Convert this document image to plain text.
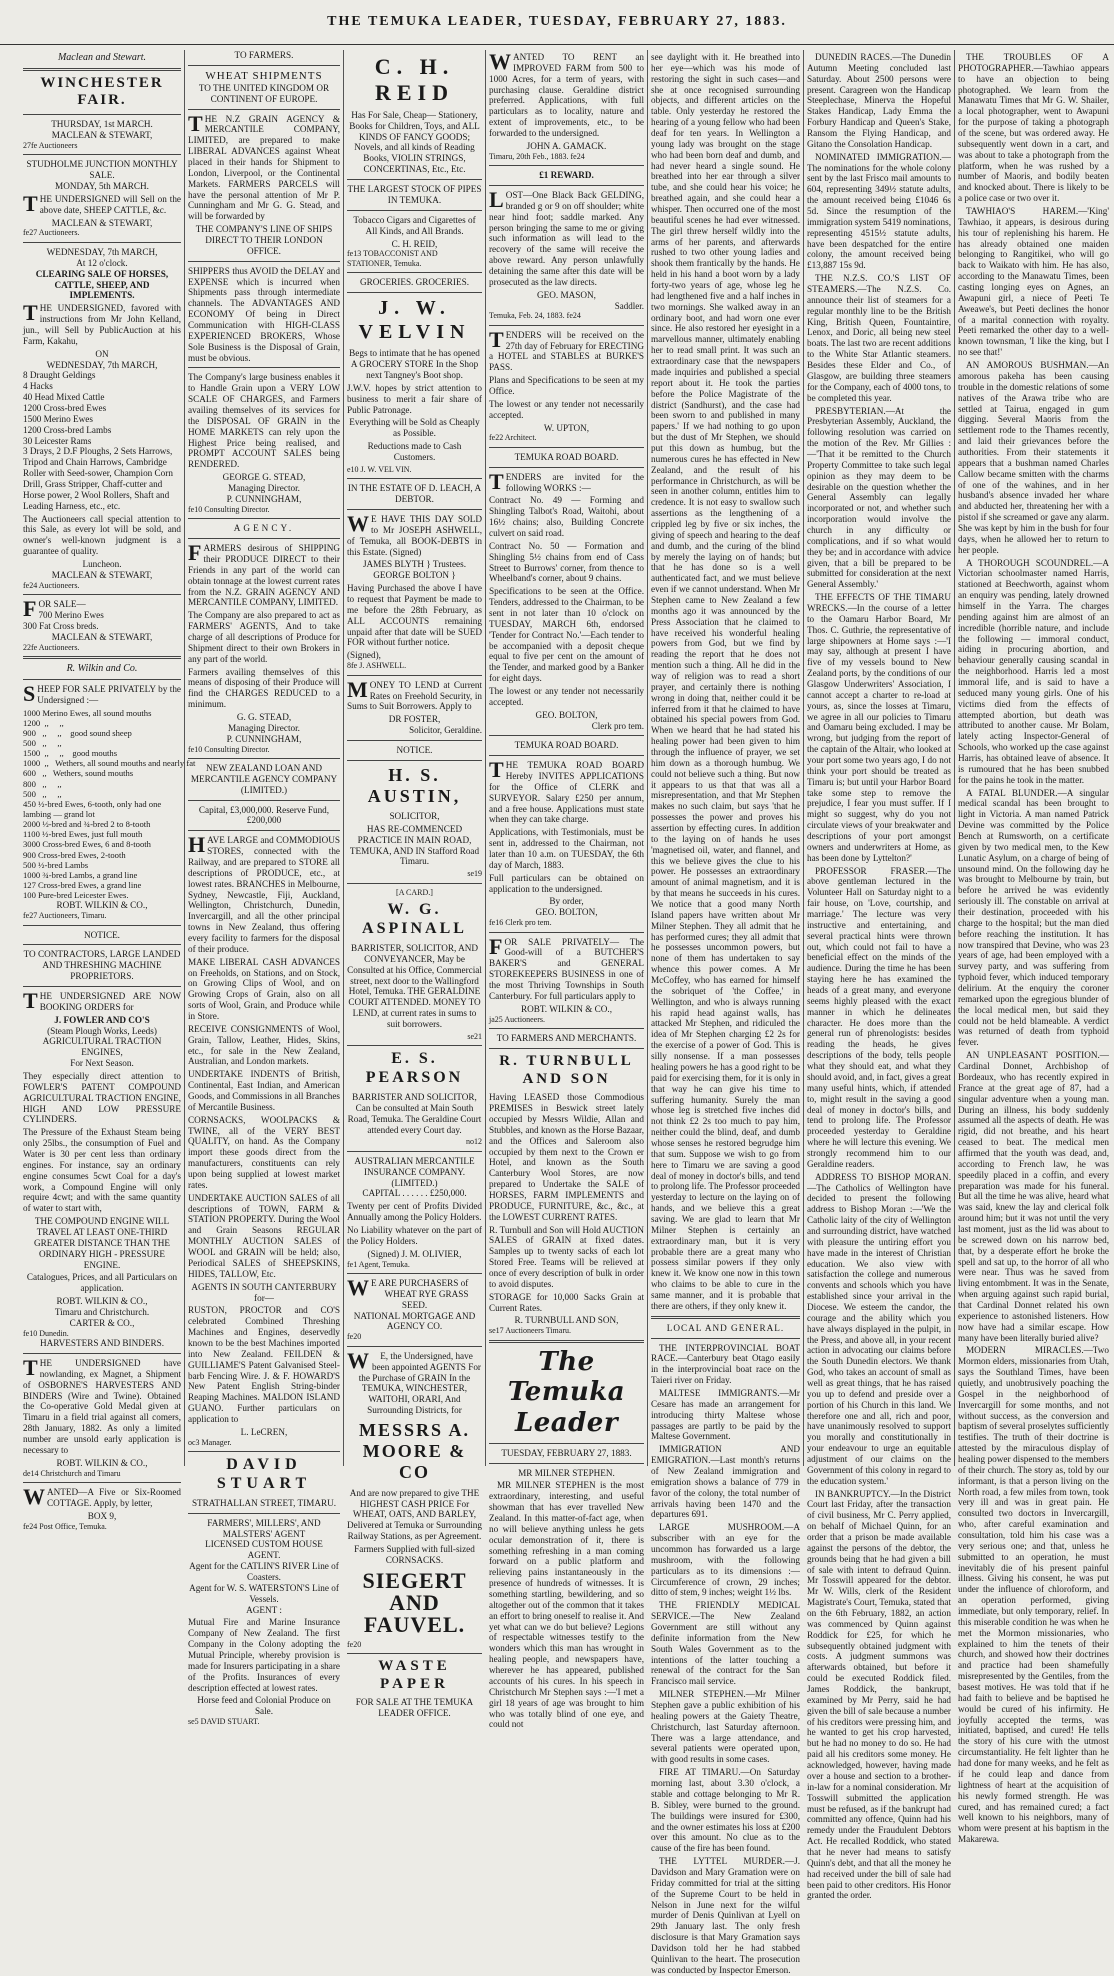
THE TEMUKA LEADER, TUESDAY, FEBRUARY 27, 1883.
Maclean and Stewart.
WINCHESTER FAIR.
THURSDAY, 1st MARCH.
MACLEAN & STEWART,
27fe Auctioneers
STUDHOLME JUNCTION MONTHLY SALE.
MONDAY, 5th MARCH.

THE UNDERSIGNED will Sell on the above date, SHEEP CATTLE, &c.

MACLEAN & STEWART,
fe27 Auctioneers.
WEDNESDAY, 7th MARCH,
At 12 o'clock.
CLEARING SALE OF HORSES, CATTLE, SHEEP, AND IMPLEMENTS.

THE UNDERSIGNED, favored with instructions from Mr John Kelland, jun., will Sell by PublicAuction at his Farm, Kakahu,

ON
WEDNESDAY, 7th MARCH,
8 Draught Geldings
4 Hacks
40 Head Mixed Cattle
1200 Cross-bred Ewes
1500 Merino Ewes
1200 Cross-bred Lambs
30 Leicester Rams
3 Drays, 2 D.F Ploughs, 2 Sets Harrows, Tripod and Chain Harrows, Cambridge Roller with Seed-sower, Champion Corn Drill, Grass Stripper, Chaff-cutter and Horse power, 2 Wool Rollers, Shaft and Leading Harness, etc., etc.

The Auctioneers call special attention to this Sale, as every lot will be sold, and owner's well-known judgment is a guarantee of quality.

Luncheon.
MACLEAN & STEWART,
fe24 Auctioneers.
FOR SALE—
700 Merino Ewes
300 Fat Cross breds.
MACLEAN & STEWART,
22fe Auctioneers.
R. Wilkin and Co.

SHEEP FOR SALE PRIVATELY by the Undersigned :—

1000 Merino Ewes, all sound mouths
1200  ,,     ,,
900   ,,     ,,    good sound sheep
500   ,,     ,,
1500  ,,     ,,    good mouths
1000  ,,   Wethers, all sound mouths and nearly fat
600   ,,   Wethers, sound mouths
800   ,,     ,,
500   ,,     ,,
450 ½-bred Ewes, 6-tooth, only had one lambing — grand lot
2000 ½-bred and ¾-bred 2 to 8-tooth
1100 ½-bred Ewes, just full mouth
3000 Cross-bred Ewes, 6 and 8-tooth
900 Cross-bred Ewes, 2-tooth
500 ½-bred Lambs
1000 ¾-bred Lambs, a grand line
127 Cross-bred Ewes, a grand line
100 Pure-bred Leicester Ewes.
ROBT. WILKIN & CO.,
fe27 Auctioneers, Timaru.
NOTICE.
TO CONTRACTORS, LARGE LANDED AND THRESHING MACHINE PROPRIETORS.

THE UNDERSIGNED ARE NOW BOOKING ORDERS for

J. FOWLER AND CO'S
(Steam Plough Works, Leeds)
AGRICULTURAL TRACTION ENGINES,
For Next Season.

They especially direct attention to FOWLER'S PATENT COMPOUND AGRICULTURAL TRACTION ENGINE, HIGH AND LOW PRESSURE CYLINDERS.

The Pressure of the Exhaust Steam being only 25lbs., the consumption of Fuel and Water is 30 per cent less than ordinary engines. For instance, say an ordinary engine consumes 5cwt Coal for a day's work, a Compound Engine will only require 4cwt; and with the same quantity of water to start with,

THE COMPOUND ENGINE WILL TRAVEL AT LEAST ONE-THIRD GREATER DISTANCE THAN THE ORDINARY HIGH - PRESSURE ENGINE.

Catalogues, Prices, and all Particulars on application.

ROBT. WILKIN & CO.,
Timaru and Christchurch.
CARTER & CO.,
fe10 Dunedin.
HARVESTERS AND BINDERS.

THE UNDERSIGNED have nowlanding, ex Magnet, a Shipment of OSBORNE'S HARVESTERS AND BINDERS (Wire and Twine). Obtained the Co-operative Gold Medal given at Timaru in a field trial against all comers, 28th January, 1882. As only a limited number are unsold early application is necessary to

ROBT. WILKIN & CO.,
de14 Christchurch and Timaru

WANTED—A Five or Six-Roomed COTTAGE. Apply, by letter,

BOX 9,
fe24 Post Office, Temuka.
TO FARMERS.
WHEAT SHIPMENTS
TO THE UNITED KINGDOM OR CONTINENT OF EUROPE.

THE N.Z GRAIN AGENCY & MERCANTILE COMPANY, LIMITED, are prepared to make LIBERAL ADVANCES against Wheat placed in their hands for Shipment to London, Liverpool, or the Continental Markets. FARMERS PARCELS will have the personal attention of Mr P. Cunningham and Mr G. G. Stead, and will be forwarded by

THE COMPANY'S LINE OF SHIPS DIRECT TO THEIR LONDON OFFICE.

SHIPPERS thus AVOID the DELAY and EXPENSE which is incurred when Shipments pass through intermediate channels. The ADVANTAGES AND ECONOMY Of being in Direct Communication with HIGH-CLASS EXPERIENCED BROKERS, Whose Sole Business is the Disposal of Grain, must be obvious.

The Company's large business enables it to Handle Grain upon a VERY LOW SCALE OF CHARGES, and Farmers availing themselves of its services for the DISPOSAL OF GRAIN in the HOME MARKETS can rely upon the Highest Price being realised, and PROMPT ACCOUNT SALES being RENDERED.

GEORGE G. STEAD,
Managing Director.
P. CUNNINGHAM,
fe10 Consulting Director.
AGENCY.

FARMERS desirous of SHIPPING their PRODUCE DIRECT to their Friends in any part of the world can obtain tonnage at the lowest current rates from the N.Z. GRAIN AGENCY AND MERCANTILE COMPANY, LIMITED.

The Company are also prepared to act as FARMERS' AGENTS, And to take charge of all descriptions of Produce for Shipment direct to their own Brokers in any part of the world.

Farmers availing themselves of this means of disposing of their Produce will find the CHARGES REDUCED to a minimum.

G. G. STEAD,
Managing Director.
P. CUNNINGHAM,
fe10 Consulting Director.
NEW ZEALAND LOAN AND MERCANTILE AGENCY COMPANY (LIMITED.)
Capital, £3,000,000. Reserve Fund, £200,000

HAVE LARGE and COMMODIOUS STORES, connected with the Railway, and are prepared to STORE all descriptions of PRODUCE, etc., at lowest rates. BRANCHES in Melbourne, Sydney, Newcastle, Fiji, Auckland, Wellington, Christchurch, Dunedin, Invercargill, and all the other principal towns in New Zealand, thus offering every facility to farmers for the disposal of their produce.

MAKE LIBERAL CASH ADVANCES on Freeholds, on Stations, and on Stock, on Growing Clips of Wool, and on Growing Crops of Grain, also on all sorts of Wool, Grain, and Produce while in Store.

RECEIVE CONSIGNMENTS of Wool, Grain, Tallow, Leather, Hides, Skins, etc., for sale in the New Zealand, Australian, and London markets.

UNDERTAKE INDENTS of British, Continental, East Indian, and American Goods, and Commissions in all Branches of Mercantile Business.

CORNSACKS, WOOLPACKS & TWINE, all of the VERY BEST QUALITY, on hand. As the Company import these goods direct from the manufacturers, constituents can rely upon being supplied at lowest market rates.

UNDERTAKE AUCTION SALES of all descriptions of TOWN, FARM & STATION PROPERTY. During the Wool and Grain Seasons REGULAR MONTHLY AUCTION SALES of WOOL and GRAIN will be held; also, Periodical SALES of SHEEPSKINS, HIDES, TALLOW, Etc.

AGENTS IN SOUTH CANTERBURY for—

RUSTON, PROCTOR and CO'S celebrated Combined Threshing Machines and Engines, deservedly known to be the best Machines imported into New Zealand. FEILDEN & GUILLIAME'S Patent Galvanised Steel-barb Fencing Wire. J. & F. HOWARD'S New Patent English String-binder Reaping Machines. MALDON ISLAND GUANO. Further particulars on application to

L. LeCREN,
oc3 Manager.
DAVID STUART
STRATHALLAN STREET, TIMARU.
FARMERS', MILLERS', AND MALSTERS' AGENT
LICENSED CUSTOM HOUSE AGENT.
Agent for the CATLIN'S RIVER Line of Coasters.
Agent for W. S. WATERSTON'S Line of Vessels.
AGENT :

Mutual Fire and Marine Insurance Company of New Zealand. The first Company in the Colony adopting the Mutual Principle, whereby provision is made for Insurers participating in a share of the Profits. Insurances of every description effected at lowest rates.

Horse feed and Colonial Produce on Sale.
se5 DAVID STUART.
C. H. REID

Has For Sale, Cheap— Stationery, Books for Children, Toys, and ALL KINDS OF FANCY GOODS; Novels, and all kinds of Reading Books, VIOLIN STRINGS, CONCERTINAS, Etc., Etc.

THE LARGEST STOCK OF PIPES IN TEMUKA.

Tobacco Cigars and Cigarettes of All Kinds, and All Brands.

C. H. REID,
fe13 TOBACCONIST AND STATIONER, Temuka.
GROCERIES. GROCERIES.
J. W. VELVIN

Begs to intimate that he has opened A GROCERY STORE In the Shop next Tangney's Boot shop.

J.W.V. hopes by strict attention to business to merit a fair share of Public Patronage.

Everything will be Sold as Cheaply as Possible.

Reductions made to Cash Customers.

e10 J. W. VEL VIN.
IN THE ESTATE OF D. LEACH, A DEBTOR.

WE HAVE THIS DAY SOLD to Mr JOSEPH ASHWELL, of Temuka, all BOOK-DEBTS in this Estate. (Signed)

JAMES BLYTH } Trustees. GEORGE BOLTON }

Having Purchased the above I have to request that Payment be made to me before the 28th February, as ALL ACCOUNTS remaining unpaid after that date will be SUED FOR without further notice.

(Signed),
8fe J. ASHWELL.

MONEY TO LEND at Current Rates on Freehold Security, in Sums to Suit Borrowers. Apply to

DR FOSTER,
Solicitor, Geraldine.
NOTICE.
H. S. AUSTIN,
SOLICITOR,

HAS RE-COMMENCED PRACTICE IN MAIN ROAD, TEMUKA, AND IN Stafford Road Timaru.

se19
[A CARD.]
W. G. ASPINALL

BARRISTER, SOLICITOR, AND CONVEYANCER, May be Consulted at his Office, Commercial street, next door to the Wallingford Hotel, Temuka. THE GERALDINE COURT ATTENDED. MONEY TO LEND, at current rates in sums to suit borrowers.

se21
E. S. PEARSON

BARRISTER AND SOLICITOR, Can be consulted at Main South Road, Temuka. The Geraldine Court attended every Court day.

no12
AUSTRALIAN MERCANTILE INSURANCE COMPANY. (LIMITED.)
CAPITAL . . . . . . £250,000.

Twenty per cent of Profits Divided Annually among the Policy Holders.

No Liability whatever on the part of the Policy Holders.

(Signed) J. M. OLIVIER,
fe1 Agent, Temuka.
WE ARE PURCHASERS of
WHEAT RYE GRASS SEED.
NATIONAL MORTGAGE AND AGENCY CO.
fe20

WE, the Undersigned, have been appointed AGENTS For the Purchase of GRAIN In the TEMUKA, WINCHESTER, WAITOHI, ORARI, And Surrounding Districts, for

MESSRS A. MOORE & CO

And are now prepared to give THE HIGHEST CASH PRICE For WHEAT, OATS, AND BARLEY, Delivered at Temuka or Surrounding Railway Stations, as per Agreement.

Farmers Supplied with full-sized CORNSACKS.

SIEGERT AND FAUVEL.
fe20
WASTE PAPER
FOR SALE AT THE TEMUKA LEADER OFFICE.

WANTED TO RENT an IMPROVED FARM from 500 to 1000 Acres, for a term of years, with purchasing clause. Geraldine district preferred. Applications, with full particulars as to locality, nature and extent of improvements, etc., to be forwarded to the undersigned.

JOHN A. GAMACK.
Timaru, 20th Feb., 1883. fe24
£1 REWARD.

LOST—One Black Back GELDING, branded g or 9 on off shoulder; white near hind foot; saddle marked. Any person bringing the same to me or giving such information as will lead to the recovery of the same will receive the above reward. Any person unlawfully detaining the same after this date will be prosecuted as the law directs.

GEO. MASON,
Saddler.
Temuka, Feb. 24, 1883. fe24

TENDERS will be received on the 27th day of February for ERECTING a HOTEL and STABLES at BURKE'S PASS.

Plans and Specifications to be seen at my Office.

The lowest or any tender not necessarily accepted.

W. UPTON,
fe22 Architect.
TEMUKA ROAD BOARD.

TENDERS are invited for the following WORKS :—

Contract No. 49 — Forming and Shingling Talbot's Road, Waitohi, about 16½ chains; also, Building Concrete culvert on said road.

Contract No. 50 — Formation and Shingling 5½ chains from end of Cass Street to Burrows' corner, from thence to Wheelband's corner, about 9 chains.

Specifications to be seen at the Office. Tenders, addressed to the Chairman, to be sent in not later than 10 o'clock on TUESDAY, MARCH 6th, endorsed 'Tender for Contract No.'—Each tender to be accompanied with a deposit cheque equal to five per cent on the amount of the Tender, and marked good by a Banker for eight days.

The lowest or any tender not necessarily accepted.

GEO. BOLTON,
Clerk pro tem.
TEMUKA ROAD BOARD.

THE TEMUKA ROAD BOARD Hereby INVITES APPLICATIONS for the Office of CLERK and SURVEYOR. Salary £250 per annum, and a free house. Applications must state when they can take charge.

Applications, with Testimonials, must be sent in, addressed to the Chairman, not later than 10 a.m. on TUESDAY, the 6th day of March, 1883.

Full particulars can be obtained on application to the undersigned.

By order,
GEO. BOLTON,
fe16 Clerk pro tem.

FOR SALE PRIVATELY— The Good-will of a BUTCHER'S BAKER'S and GENERAL STOREKEEPERS BUSINESS in one of the most Thriving Townships in South Canterbury. For full particulars apply to

ROBT. WILKIN & CO.,
ja25 Auctioneers.
TO FARMERS AND MERCHANTS.
R. TURNBULL AND SON

Having LEASED those Commodious PREMISES in Beswick street lately occupied by Messrs Wildie, Allan and Stubbles, and known as the Horse Bazaar, and the Offices and Saleroom also occupied by them next to the Crown er Hotel, and known as the South Canterbury Wool Stores, are now prepared to Undertake the SALE of HORSES, FARM IMPLEMENTS and PRODUCE, FURNITURE, &c., &c., at the LOWEST CURRENT RATES.

R. Turnbull and Son will Hold AUCTION SALES of GRAIN at fixed dates. Samples up to twenty sacks of each lot Stored Free. Teams will be relieved at once of every description of bulk in order to avoid disputes.

STORAGE for 10,000 Sacks Grain at Current Rates.

R. TURNBULL AND SON,
se17 Auctioneers Timaru.
The Temuka Leader
TUESDAY, FEBRUARY 27, 1883.
MR MILNER STEPHEN.

MR MILNER STEPHEN is the most extraordinary, interesting, and useful showman that has ever travelled New Zealand. In this matter-of-fact age, when no will believe anything unless he gets ocular demonstration of it, there is something refreshing in a man coming forward on a public platform and relieving pains instantaneously in the presence of hundreds of witnesses. It is something startling, bewildering, and so altogether out of the common that it takes an effort to bring oneself to realise it. And yet what can we do but believe? Legions of respectable witnesses testify to the wonders which this man has wrought in healing people, and newspapers have, wherever he has appeared, published accounts of his cures. In his speech in Christchurch Mr Stephen says :—'I met a girl 18 years of age was brought to him who was totally blind of one eye, and could not

see daylight with it. He breathed into her eye—which was his mode of restoring the sight in such cases—and she at once recognised surrounding objects, and different articles on the table. Only yesterday he restored the hearing of a young fellow who had been deaf for ten years. In Wellington a young lady was brought on the stage who had been born deaf and dumb, and had never heard a single sound. He breathed into her ear through a silver tube, and she could hear his voice; he breathed again, and she could hear a whisper. Then occurred one of the most beautiful scenes he had ever witnessed. The girl threw herself wildly into the arms of her parents, and afterwards rushed to two other young ladies and shook them frantically by the hands. He held in his hand a boot worn by a lady forty-two years of age, whose leg he had lengthened five and a half inches in two mornings. She walked away in an ordinary boot, and had worn one ever since. He also restored her eyesight in a marvellous manner, ultimately enabling her to read small print. It was such an extraordinary case that the newspapers made inquiries and published a special report about it. He took the parties before the Police Magistrate of the district (Sandhurst), and the case had been sworn to and published in many papers.' If we had nothing to go upon but the dust of Mr Stephen, we should put this down as humbug, but the numerous cures he has effected in New Zealand, and the result of his performance in Christchurch, as will be seen in another column, entitles him to credence. It is not easy to swallow such assertions as the lengthening of a crippled leg by five or six inches, the giving of speech and hearing to the deaf and dumb, and the curing of the blind by merely the laying on of hands; but that he has done so is a well authenticated fact, and we must believe even if we cannot understand. When Mr Stephen came to New Zealand a few months ago it was announced by the Press Association that he claimed to have received his wonderful healing powers from God, but we find by reading the report that he does not mention such a thing. All he did in the way of religion was to read a short prayer, and certainly there is nothing wrong in doing that, neither could it be inferred from it that he claimed to have obtained his special powers from God. When we heard that he had stated his healing power had been given to him through the influence of prayer, we set him down as a thorough humbug. We could not believe such a thing. But now it appears to us that that was all a misrepresentation, and that Mr Stephen makes no such claim, but says 'that he possesses the power and proves his assertion by effecting cures. In addition to the laying on of hands he uses 'magnetised oil, water, and flannel, and this we believe gives the clue to his power. He possesses an extraordinary amount of animal magnetism, and it is by that means he succeeds in his cures. We notice that a good many North Island papers have written about Mr Milner Stephen. They all admit that he has performed cures; they all admit that he possesses uncommon powers, but none of them has undertaken to say whence this power comes. A Mr McCoffey, who has earned for himself the sobriquet of 'the Coffee,' in Wellington, and who is always running his rapid head against walls, has attacked Mr Stephen, and ridiculed the idea of Mr Stephen charging £2 2s for the exercise of a power of God. This is silly nonsense. If a man possesses healing powers he has a good right to be paid for exercising them, for it is only in that way he can give his time to suffering humanity. Surely the man whose leg is stretched five inches did not think £2 2s too much to pay him, neither could the blind, deaf, and dumb whose senses he restored begrudge him that sum. Suppose we wish to go from here to Timaru we are saving a good deal of money in doctor's bills, and tend to prolong life. The Professor proceeded yesterday to lecture on the laying on of hands, and we believe this a great saving. We are glad to learn that Mr Milner Stephen is certainly an extraordinary man, but it is very probable there are a great many who possess similar powers if they only knew it. We know one now in this town who claims to be able to cure in the same manner, and it is probable that there are others, if they only knew it.

LOCAL AND GENERAL.

THE INTERPROVINCIAL BOAT RACE.—Canterbury beat Otago easily in the interprovincial boat race on the Taieri river on Friday.

MALTESE IMMIGRANTS.—Mr Cesare has made an arrangement for introducing thirty Maltese whose passages are partly to be paid by the Maltese Government.

IMMIGRATION AND EMIGRATION.—Last month's returns of New Zealand immigration and emigration shows a balance of 779 in favor of the colony, the total number of arrivals having been 1470 and the departures 691.

LARGE MUSHROOM.—A subscriber with an eye for the uncommon has forwarded us a large mushroom, with the following particulars as to its dimensions :—Circumference of crown, 29 inches; ditto of stem, 9 inches; weight 1½ lbs.

THE FRIENDLY MEDICAL SERVICE.—The New Zealand Government are still without any definite information from the New South Wales Government as to the intentions of the latter touching a renewal of the contract for the San Francisco mail service.

MILNER STEPHEN.—Mr Milner Stephen gave a public exhibition of his healing powers at the Gaiety Theatre, Christchurch, last Saturday afternoon. There was a large attendance, and several patients were operated upon, with good results in some cases.

FIRE AT TIMARU.—On Saturday morning last, about 3.30 o'clock, a stable and cottage belonging to Mr R. B. Sibley, were burned to the ground. The buildings were insured for £300, and the owner estimates his loss at £200 over this amount. No clue as to the cause of the fire has been found.

THE LYTTEL MURDER.—J. Davidson and Mary Gramation were on Friday committed for trial at the sitting of the Supreme Court to be held in Nelson in June next for the wilful murder of Denis Quinlivan at Lyell on 29th January last. The only fresh disclosure is that Mary Gramation says Davidson told her he had stabbed Quinlivan to the heart. The prosecution was conducted by Inspector Emerson.

DUNEDIN RACES.—The Dunedin Autumn Meeting concluded last Saturday. About 2500 persons were present. Caragreen won the Handicap Steeplechase, Minerva the Hopeful Stakes Handicap, Lady Emma the Forbury Handicap and Queen's Stake, Ransom the Flying Handicap, and Gitano the Consolation Handicap.

NOMINATED IMMIGRATION.—The nominations for the whole colony sent by the last Frisco mail amounts to 604, representing 349½ statute adults, the amount received being £1046 6s 5d. Since the resumption of the immigration system 5419 nominations, representing 4515½ statute adults, have been despatched for the entire colony, the amount received being £13,887 15s 9d.

THE N.Z.S. CO.'S LIST OF STEAMERS.—The N.Z.S. Co. announce their list of steamers for a regular monthly line to be the British King, British Queen, Fountaintire, Lenox, and Doric, all being new steel boats. The last two are recent additions to the White Star Atlantic steamers. Besides these Elder and Co., of Glasgow, are building three steamers for the Company, each of 4000 tons, to be completed this year.

PRESBYTERIAN.—At the Presbyterian Assembly, Auckland, the following resolution was carried on the motion of the Rev. Mr Gillies :—'That it be remitted to the Church Property Committee to take such legal opinion as they may deem to be desirable on the question whether the General Assembly can legally incorporated or not, and whether such incorporation would involve the church in any difficulty or complications, and if so what would they be; and in accordance with advice given, that a bill be prepared to be submitted for consideration at the next General Assembly.'

THE EFFECTS OF THE TIMARU WRECKS.—In the course of a letter to the Oamaru Harbor Board, Mr Thos. C. Guthrie, the representative of large shipowners at Home says :—'I may say, although at present I have five of my vessels bound to New Zealand ports, by the conditions of our Glasgow Underwriters' Association, I cannot accept a charter to re-load at yours, as, since the losses at Timaru, we agree in all our policies to Timaru and Oamaru being excluded. I may be wrong, but judging from the report of the captain of the Altair, who looked at your port some two years ago, I do not think your port should be treated as Timaru is; but until your Harbor Board take some step to remove the prejudice, I fear you must suffer. If I might so suggest, why do you not circulate views of your breakwater and descriptions of your port amongst owners and underwriters at Home, as has been done by Lyttelton?'

PROFESSOR FRASER.—The above gentleman lectured in the Volunteer Hall on Saturday night to a fair house, on 'Love, courtship, and marriage.' The lecture was very instructive and entertaining, and several practical hints were thrown out, which could not fail to have a beneficial effect on the minds of the audience. During the time he has been staying here he has examined the heads of a great many, and everyone seems highly pleased with the exact manner in which he delineates character. He does more than the general run of phrenologists: besides reading the heads, he gives descriptions of the body, tells people what they should eat, and what they should avoid, and, in fact, gives a great many useful hints, which, if attended to, might result in the saving a good deal of money in doctor's bills, and tend to prolong life. The Professor proceeded yesterday to Geraldine where he will lecture this evening. We strongly recommend him to our Geraldine readers.

ADDRESS TO BISHOP MORAN.—The Catholics of Wellington have decided to present the following address to Bishop Moran :—'We the Catholic laity of the city of Wellington and surrounding district, have watched with pleasure the untiring effort you have made in the interest of Christian education. We also view with satisfaction the college and numerous convents and schools which you have established since your arrival in the Diocese. We esteem the candor, the courage and the ability which you have always displayed in the pulpit, in the Press, and above all, in your recent action in advocating our claims before the South Dunedin electors. We thank God, who takes an account of small as well as great things, that he has raised you up to defend and preside over a portion of his Church in this land. We therefore one and all, rich and poor, have unanimously resolved to support you morally and constitutionally in your endeavour to urge an equitable adjustment of our claims on the Government of this colony in regard to the education system.'

IN BANKRUPTCY.—In the District Court last Friday, after the transaction of civil business, Mr C. Perry applied, on behalf of Michael Quinn, for an order that a prison be made available against the persons of the debtor, the grounds being that he had given a bill of sale with intent to defraud Quinn. Mr Tosswill appeared for the debtor. Mr W. Wills, clerk of the Resident Magistrate's Court, Temuka, stated that on the 6th February, 1882, an action was commenced by Quinn against Roddick for £25, for which he subsequently obtained judgment with costs. A judgment summons was afterwards obtained, but before it could be executed Roddick filed. James Roddick, the bankrupt, examined by Mr Perry, said he had given the bill of sale because a number of his creditors were pressing him, and he wanted to get his crop harvested, but he had no money to do so. He had paid all his creditors some money. He acknowledged, however, having made over a house and section to a brother-in-law for a nominal consideration. Mr Tosswill submitted the application must be refused, as if the bankrupt had committed any offence, Quinn had his remedy under the Fraudulent Debtors Act. He recalled Roddick, who stated that he never had means to satisfy Quinn's debt, and that all the money he had received under the bill of sale had been paid to other creditors. His Honor granted the order.

THE TROUBLES OF A PHOTOGRAPHER.—Tawhiao appears to have an objection to being photographed. We learn from the Manawatu Times that Mr G. W. Shailer, a local photographer, went to Awapuni for the purpose of taking a photograph of the scene, but was ordered away. He subsequently went down in a cart, and was about to take a photograph from the platform, when he was rushed by a number of Maoris, and bodily beaten and knocked about. There is likely to be a police case or two over it.

TAWHIAO'S HAREM.—'King' Tawhiao, it appears, is desirous during his tour of replenishing his harem. He has already obtained one maiden belonging to Rangitikei, who will go back to Waikato with him. He has also, according to the Manawatu Times, been casting longing eyes on Agnes, an Awapuni girl, a niece of Peeti Te Aweawe's, but Peeti declines the honor of a marital connection with royalty. Peeti remarked the other day to a well-known townsman, 'I like the king, but I no see that!'

AN AMOROUS BUSHMAN.—An amorous pakeha has been causing trouble in the domestic relations of some natives of the Arawa tribe who are settled at Tairua, engaged in gum digging. Several Maoris from the settlement rode to the Thames recently, and laid their grievances before the authorities. From their statements it appears that a bushman named Charles Callow became smitten with the charms of one of the wahines, and in her husband's absence invaded her whare and abducted her, threatening her with a pistol if she screamed or gave any alarm. She was kept by him in the bush for four days, when he allowed her to return to her people.

A THOROUGH SCOUNDREL.—A Victorian schoolmaster named Harris, stationed at Beechworth, against whom an enquiry was pending, lately drowned himself in the Yarra. The charges pending against him are almost of an incredible (horrible nature, and include the following — immoral conduct, aiding in procuring abortion, and behaviour generally causing scandal in the neighborhood. Harris led a most immoral life, and is said to have a seduced many young girls. One of his victims died from the effects of attempted abortion, but death was attributed to another cause. Mr Bolam, lately acting Inspector-General of Schools, who worked up the case against Harris, has obtained leave of absence. It is rumoured that he has been snubbed for the pains he took in the matter.

A FATAL BLUNDER.—A singular medical scandal has been brought to light in Victoria. A man named Patrick Devine was committed by the Police Bench at Rumsworth, on a certificate given by two medical men, to the Kew Lunatic Asylum, on a charge of being of unsound mind. On the following day he was brought to Melbourne by train, but before he arrived he was evidently seriously ill. The constable on arrival at their destination, proceeded with his charge to the hospital; but the man died before reaching the institution. It has now transpired that Devine, who was 23 years of age, had been employed with a survey party, and was suffering from typhoid fever, which induced temporary delirium. At the enquiry the coroner remarked upon the egregious blunder of the local medical men, but said they could not be held blameable. A verdict was returned of death from typhoid fever.

AN UNPLEASANT POSITION.—Cardinal Donnet, Archbishop of Bordeaux, who has recently expired in France at the great age of 87, had a singular adventure when a young man. During an illness, his body suddenly assumed all the aspects of death. He was rigid, did not breathe, and his heart ceased to beat. The medical men affirmed that the youth was dead, and, according to French law, he was speedily placed in a coffin, and every preparation was made for his funeral. But all the time he was alive, heard what was said, knew the lay and clerical folk around him; but it was not until the very last moment, just as the lid was about to be screwed down on his narrow bed, that, by a desperate effort he broke the spell and sat up, to the horror of all who were near. Thus was he saved from living entombment. It was in the Senate, when arguing against such rapid burial, that Cardinal Donnet related his own experience to astonished listeners. How now have had a similar escape. How many have been literally buried alive?

MODERN MIRACLES.—Two Mormon elders, missionaries from Utah, says the Southland Times, have been quietly, and unobtrusively poaching the Gospel in the neighborhood of Invercargill for some months, and not without success, as the conversion and baptism of several proselytes sufficiently testifies. The truth of their doctrine is attested by the miraculous display of healing power dispensed to the members of their church. The story as, told by our informant, is that a person living on the North road, a few miles from town, took very ill and was in great pain. He consulted two doctors in Invercargill, who, after careful examination and consultation, told him his case was a very serious one; and that, unless he submitted to an operation, he must inevitably die of his present painful illness. Giving his consent, he was put under the influence of chloroform, and an operation performed, giving immediate, but only temporary, relief. In this miserable condition he was when he met the Mormon missionaries, who explained to him the tenets of their church, and showed how their doctrines and practice had been shamefully misrepresented by the Gentiles, from the basest motives. He was told that if he had faith to believe and be baptised he would be cured of his infirmity. He joyfully accepted the terms, was initiated, baptised, and cured! He tells the story of his cure with the utmost circumstantiality. He felt lighter than he had done for many weeks, and he felt as if he could leap and dance from lightness of heart at the acquisition of his newly formed strength. He was cured, and has remained cured; a fact well known to his neighbors, many of whom were present at his baptism in the Makarewa.
